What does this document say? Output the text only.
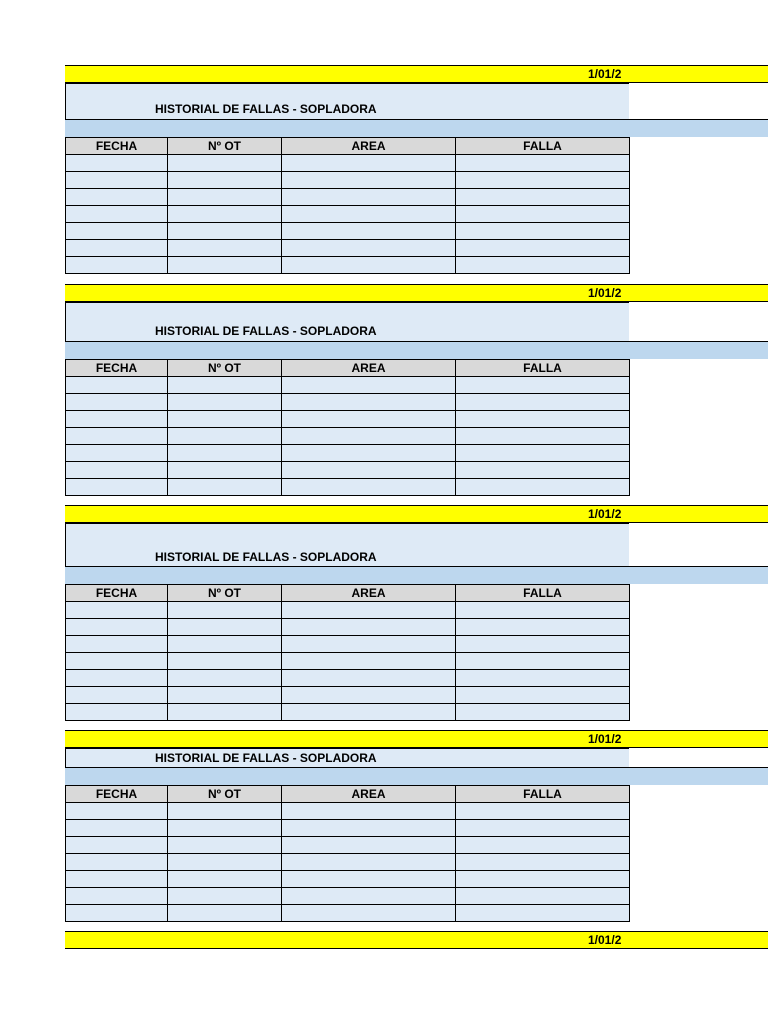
1/01/2
HISTORIAL DE FALLAS - SOPLADORA
FECHA	Nº OT	AREA	FALLA

1/01/2
HISTORIAL DE FALLAS - SOPLADORA
FECHA	Nº OT	AREA	FALLA

1/01/2
HISTORIAL DE FALLAS - SOPLADORA
FECHA	Nº OT	AREA	FALLA

1/01/2
HISTORIAL DE FALLAS - SOPLADORA
FECHA	Nº OT	AREA	FALLA

1/01/2
